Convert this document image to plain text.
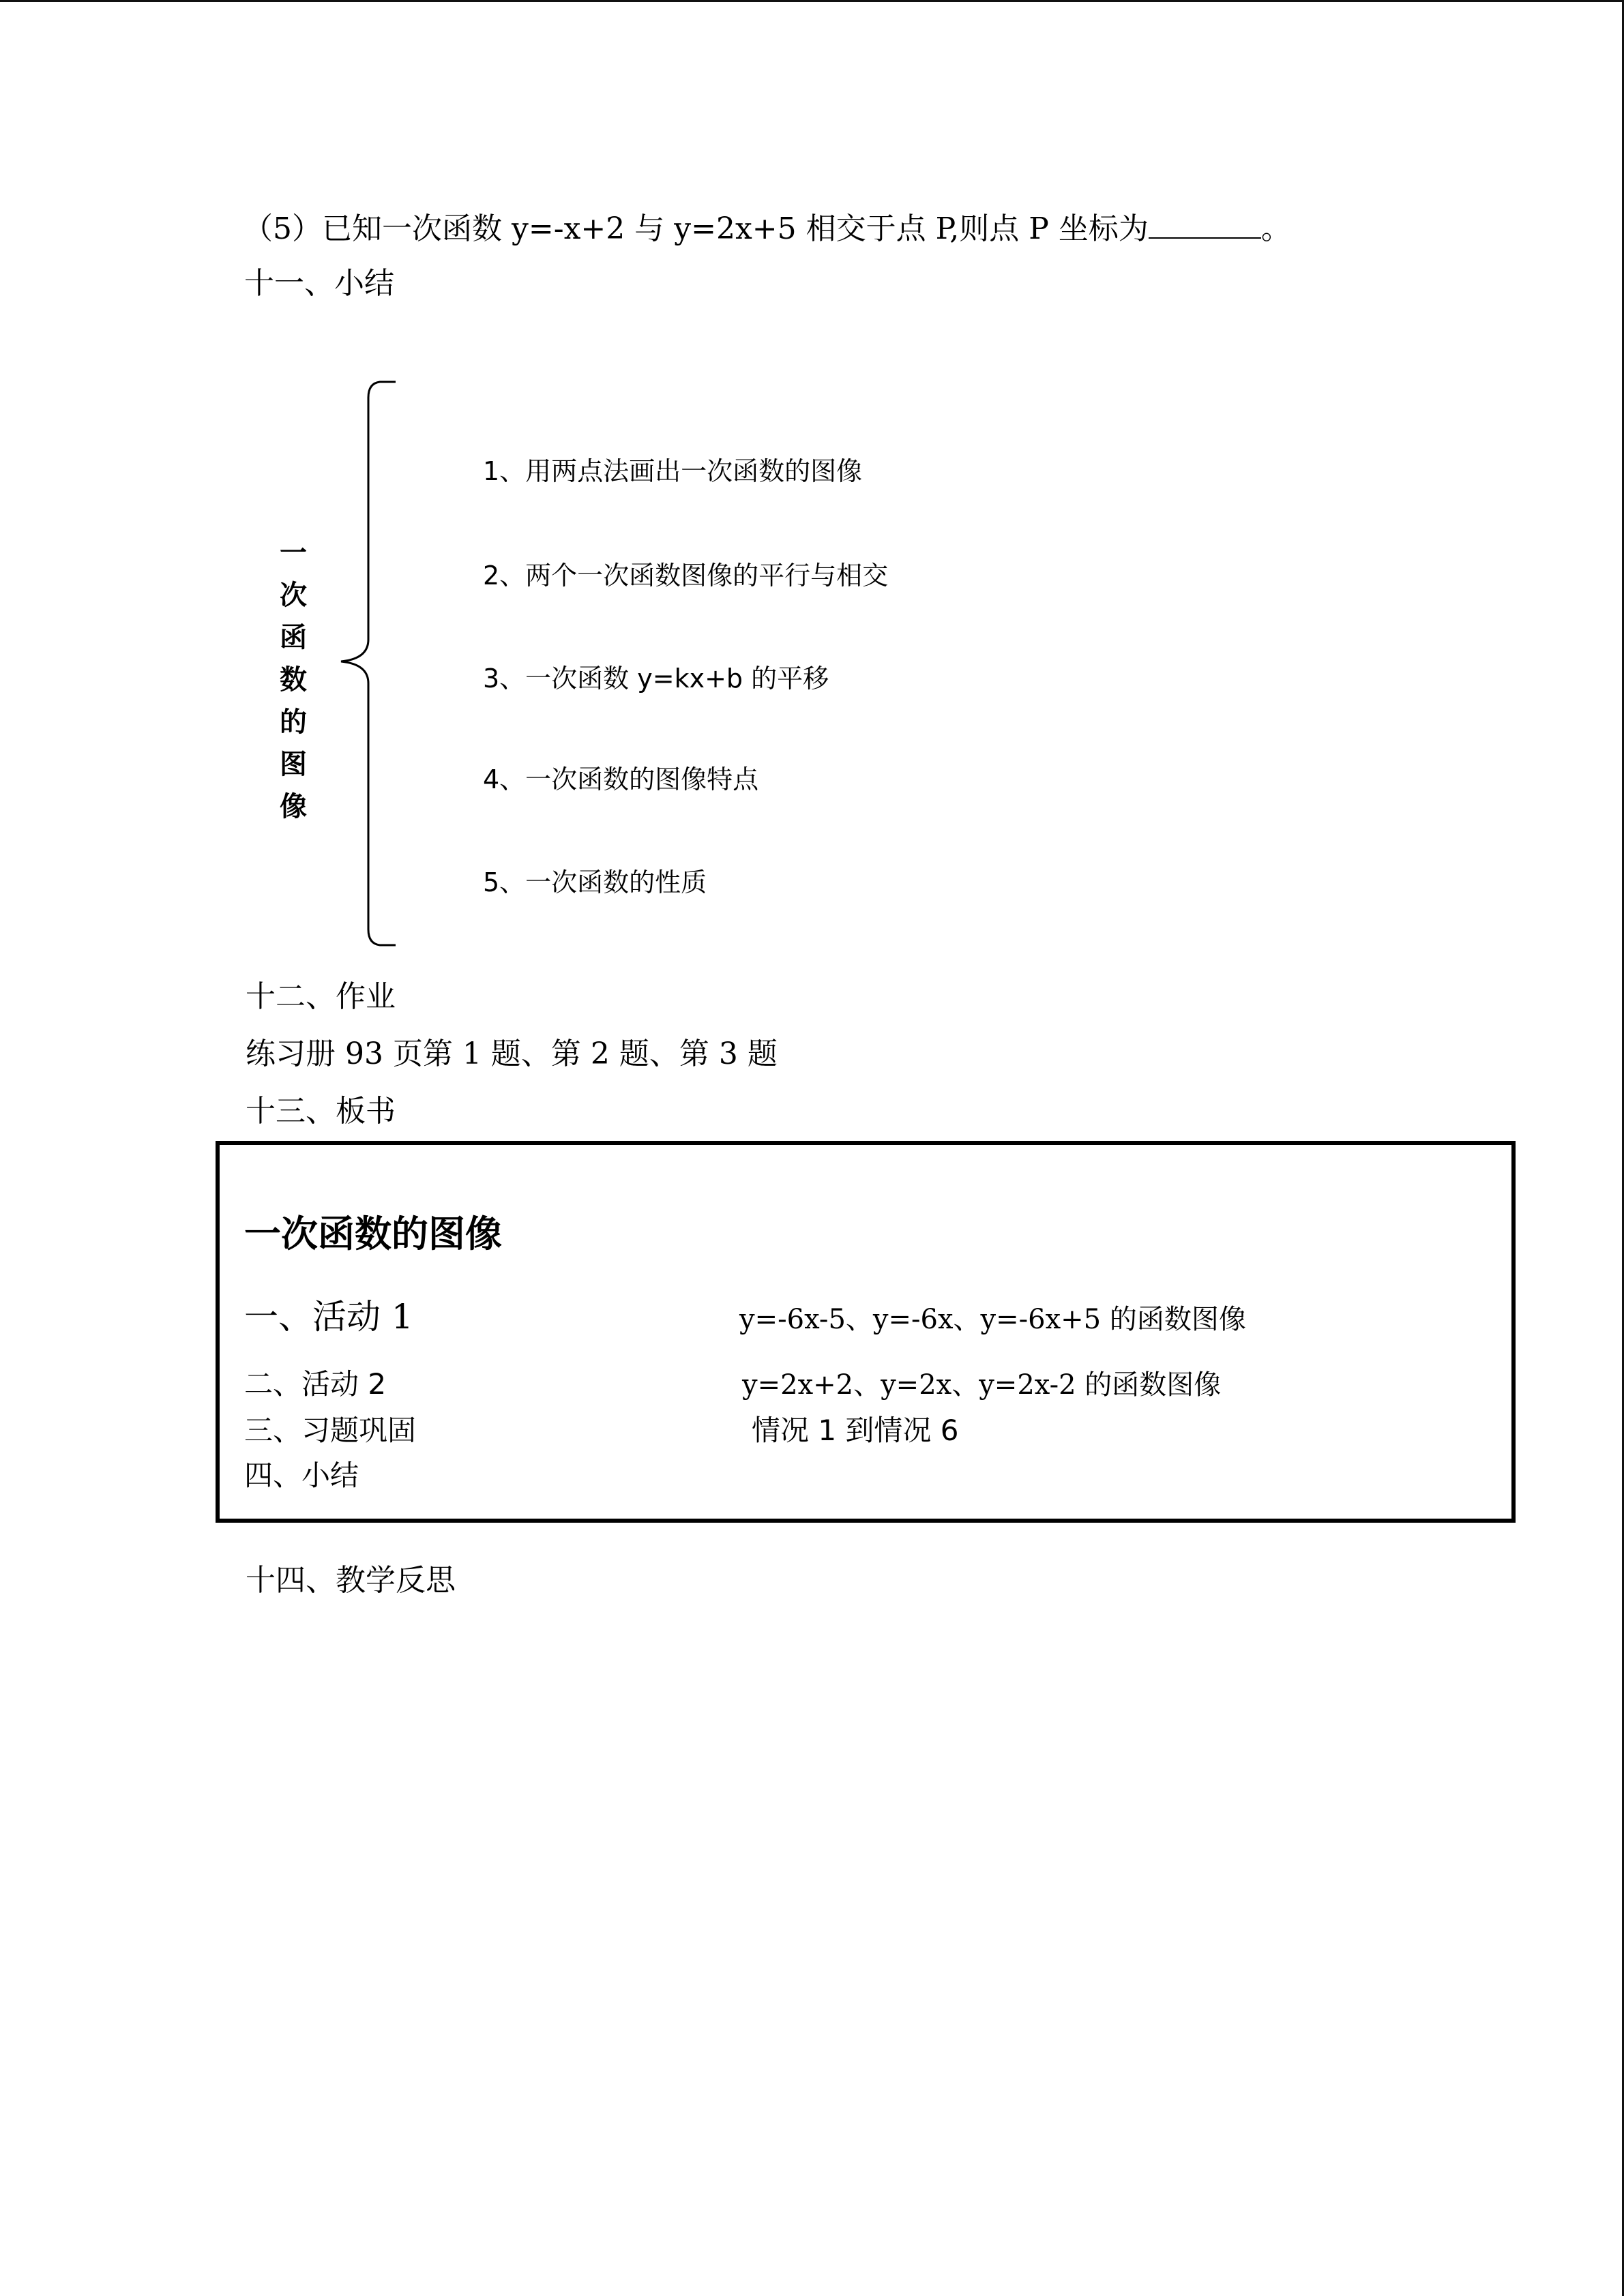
（5）已知一次函数 y=-x+2 与 y=2x+5 相交于点 P,则点 P 坐标为	。
十一、小结
一
次
函
数
的
图
像
1、用两点法画出一次函数的图像
2、两个一次函数图像的平行与相交
3、一次函数 y=kx+b 的平移
4、一次函数的图像特点
5、一次函数的性质
十二、作业
练习册 93 页第 1 题、第 2 题、第 3 题
十三、板书
一次函数的图像
一、活动 1	y=-6x-5、y=-6x、y=-6x+5 的函数图像
二、活动 2	y=2x+2、y=2x、y=2x-2 的函数图像
三、习题巩固	情况 1 到情况 6
四、小结
十四、教学反思
